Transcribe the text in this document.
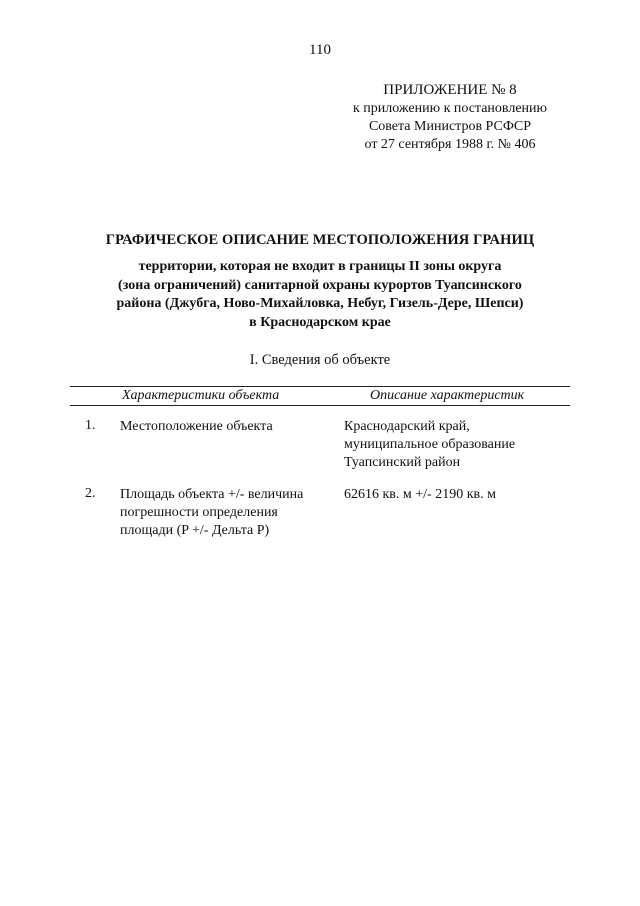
110
ПРИЛОЖЕНИЕ № 8
к приложению к постановлению
Совета Министров РСФСР
от 27 сентября 1988 г. № 406
ГРАФИЧЕСКОЕ ОПИСАНИЕ МЕСТОПОЛОЖЕНИЯ ГРАНИЦ
территории, которая не входит в границы II зоны округа
(зона ограничений) санитарной охраны курортов Туапсинского
района (Джубга, Ново-Михайловка, Небуг, Гизель-Дере, Шепси)
в Краснодарском крае
I. Сведения об объекте
Характеристики объекта	Описание характеристик
1. Местоположение объекта	Краснодарский край,
муниципальное образование
Туапсинский район
2. Площадь объекта +/- величина
погрешности определения
площади (P +/- Дельта P)
62616 кв. м +/- 2190 кв. м
